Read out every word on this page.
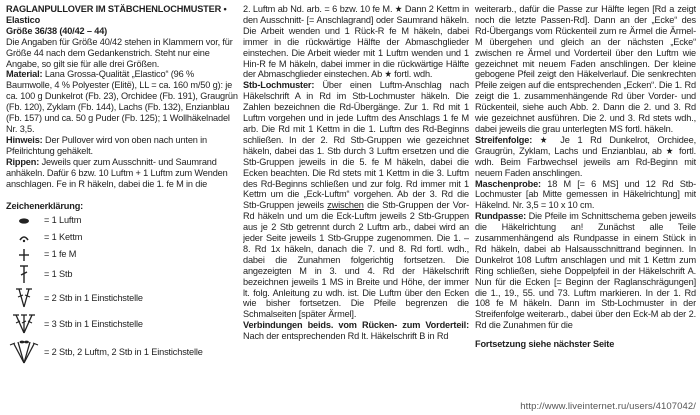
RAGLANPULLOVER IM STÄBCHENLOCHMUSTER •

Elastico

Größe 36/38 (40/42 – 44)

Die Angaben für Größe 40/42 stehen in Klammern vor, für Größe 44 nach dem Gedankenstrich. Steht nur eine Angabe, so gilt sie für alle drei Größen.

Material: Lana Grossa-Qualität „Elastico“ (96 % Baumwolle, 4 % Polyester (Elitë), LL = ca. 160 m/50 g): je ca. 100 g Dunkelrot (Fb. 23), Orchidee (Fb. 191), Graugrün (Fb. 120), Zyklam (Fb. 144), Lachs (Fb. 132), Enzianblau (Fb. 157) und ca. 50 g Puder (Fb. 125); 1 Wollhäkelnadel Nr. 3,5.

Hinweis: Der Pullover wird von oben nach unten in Pfeilrichtung gehäkelt.

Rippen: Jeweils quer zum Ausschnitt- und Saumrand anhäkeln. Dafür 6 bzw. 10 Luftm + 1 Luftm zum Wenden anschlagen. Fe in R häkeln, dabei die 1. fe M in die

Zeichenerklärung:

= 1 Luftm
= 1 Kettm
= 1 fe M
= 1 Stb
= 2 Stb in 1 Einstichstelle
= 3 Stb in 1 Einstichstelle
= 2 Stb, 2 Luftm, 2 Stb in 1 Einstichstelle

2. Luftm ab Nd. arb. = 6 bzw. 10 fe M. ★ Dann 2 Kettm in den Ausschnitt- [= Anschlagrand] oder Saumrand häkeln. Die Arbeit wenden und 1 Rück-R fe M häkeln, dabei immer in die rückwärtige Hälfte der Abmaschglieder einstechen. Die Arbeit wieder mit 1 Luftm wenden und 1 Hin-R fe M häkeln, dabei immer in die rückwärtige Hälfte der Abmaschglieder einstechen. Ab ★ fortl. wdh.

Stb-Lochmuster: Über einen Luftm-Anschlag nach Häkelschrift A in Rd im Stb-Lochmuster häkeln. Die Zahlen bezeichnen die Rd-Übergänge. Zur 1. Rd mit 1 Luftm vorgehen und in jede Luftm des Anschlags 1 fe M arb. Die Rd mit 1 Kettm in die 1. Luftm des Rd-Beginns schließen. In der 2. Rd Stb-Gruppen wie gezeichnet häkeln, dabei das 1. Stb durch 3 Luftm ersetzen und die Stb-Gruppen jeweils in die 5. fe M häkeln, dabei die Ecken beachten. Die Rd stets mit 1 Kettm in die 3. Luftm des Rd-Beginns schließen und zur folg. Rd immer mit 1 Kettm um die „Eck-Luftm“ vorgehen. Ab der 3. Rd die Stb-Gruppen jeweils zwischen die Stb-Gruppen der Vor-Rd häkeln und um die Eck-Luftm jeweils 2 Stb-Gruppen aus je 2 Stb getrennt durch 2 Luftm arb., dabei wird an jeder Seite jeweils 1 Stb-Gruppe zugenommen. Die 1. – 8. Rd 1x häkeln, danach die 7. und 8. Rd fortl. wdh., dabei die Zunahmen folgerichtig fortsetzen. Die angezeigten M in 3. und 4. Rd der Häkelschrift bezeichnen jeweils 1 MS in Breite und Höhe, der immer lt. folg. Anleitung zu wdh. ist. Die Luftm über den Ecken wie bisher fortsetzen. Die Pfeile begrenzen die Schmalseiten [später Ärmel].

Verbindungen beids. vom Rücken- zum Vorderteil: Nach der entsprechenden Rd lt. Häkelschrift B in Rd

weiterarb., dafür die Passe zur Hälfte legen [Rd a zeigt noch die letzte Passen-Rd]. Dann an der „Ecke“ des Rd-Übergangs vom Rückenteil zum re Ärmel die Ärmel-M übergehen und gleich an der nächsten „Ecke“ zwischen re Ärmel und Vorderteil über den Luftm wie gezeichnet mit neuem Faden anschlingen. Der kleine gebogene Pfeil zeigt den Häkelverlauf. Die senkrechten Pfeile zeigen auf die entsprechenden „Ecken“. Die 1. Rd zeigt die 1. zusammenhängende Rd über Vorder- und Rückenteil, siehe auch Abb. 2. Dann die 2. und 3. Rd wie gezeichnet ausführen. Die 2. und 3. Rd stets wdh., dabei jeweils die grau unterlegten MS fortl. häkeln.

Streifenfolge: ★ Je 1 Rd Dunkelrot, Orchidee, Graugrün, Zyklam, Lachs und Enzianblau, ab ★ fortl. wdh. Beim Farbwechsel jeweils am Rd-Beginn mit neuem Faden anschlingen.

Maschenprobe: 18 M [= 6 MS] und 12 Rd Stb-Lochmuster [ab Mitte gemessen in Häkelrichtung] mit Häkelnd. Nr. 3,5 = 10 x 10 cm.

Rundpasse: Die Pfeile im Schnittschema geben jeweils die Häkelrichtung an! Zunächst alle Teile zusammenhängend als Rundpasse in einem Stück in Rd häkeln, dabei ab Halsausschnittrand beginnen. In Dunkelrot 108 Luftm anschlagen und mit 1 Kettm zum Ring schließen, siehe Doppelpfeil in der Häkelschrift A. Nun für die Ecken [= Beginn der Raglanschrägungen] die 1., 19., 55. und 73. Luftm markieren. In der 1. Rd 108 fe M häkeln. Dann im Stb-Lochmuster in der Streifenfolge weiterarb., dabei über den Eck-M ab der 2. Rd die Zunahmen für die

Fortsetzung siehe nächster Seite

http://www.liveinternet.ru/users/4107042/
